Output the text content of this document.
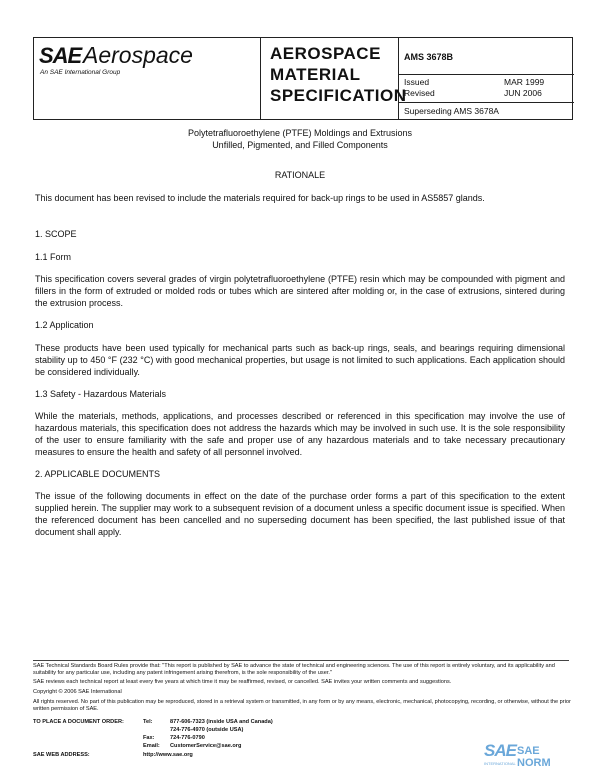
SAE Aerospace
An SAE International Group
AEROSPACE
MATERIAL
SPECIFICATION
AMS 3678B
Issued	MAR 1999
Revised	JUN 2006
Superseding AMS 3678A
Polytetrafluoroethylene (PTFE) Moldings and Extrusions
Unfilled, Pigmented, and Filled Components
RATIONALE
This document has been revised to include the materials required for back-up rings to be used in AS5857 glands.
1. SCOPE
1.1 Form
This specification covers several grades of virgin polytetrafluoroethylene (PTFE) resin which may be compounded with pigment and fillers in the form of extruded or molded rods or tubes which are sintered after molding or, in the case of extrusions, sintered during the extrusion process.
1.2 Application
These products have been used typically for mechanical parts such as back-up rings, seals, and bearings requiring dimensional stability up to 450 °F (232 °C) with good mechanical properties, but usage is not limited to such applications. Each application should be considered individually.
1.3 Safety - Hazardous Materials
While the materials, methods, applications, and processes described or referenced in this specification may involve the use of hazardous materials, this specification does not address the hazards which may be involved in such use. It is the sole responsibility of the user to ensure familiarity with the safe and proper use of any hazardous materials and to take necessary precautionary measures to ensure the health and safety of all personnel involved.
2. APPLICABLE DOCUMENTS
The issue of the following documents in effect on the date of the purchase order forms a part of this specification to the extent supplied herein. The supplier may work to a subsequent revision of a document unless a specific document issue is specified. When the referenced document has been cancelled and no superseding document has been specified, the last published issue of that document shall apply.
SAE Technical Standards Board Rules provide that: "This report is published by SAE to advance the state of technical and engineering sciences. The use of this report is entirely voluntary, and its applicability and suitability for any particular use, including any patent infringement arising therefrom, is the sole responsibility of the user."
SAE reviews each technical report at least every five years at which time it may be reaffirmed, revised, or cancelled. SAE invites your written comments and suggestions.
Copyright © 2006 SAE International
All rights reserved. No part of this publication may be reproduced, stored in a retrieval system or transmitted, in any form or by any means, electronic, mechanical, photocopying, recording, or otherwise, without the prior written permission of SAE.
TO PLACE A DOCUMENT ORDER:	Tel:	877-606-7323 (inside USA and Canada)
724-776-4970 (outside USA)
Fax:	724-776-0790
Email:	CustomerService@sae.org
SAE WEB ADDRESS:	http://www.sae.org	SAE SAE NORM
INTERNATIONAL
